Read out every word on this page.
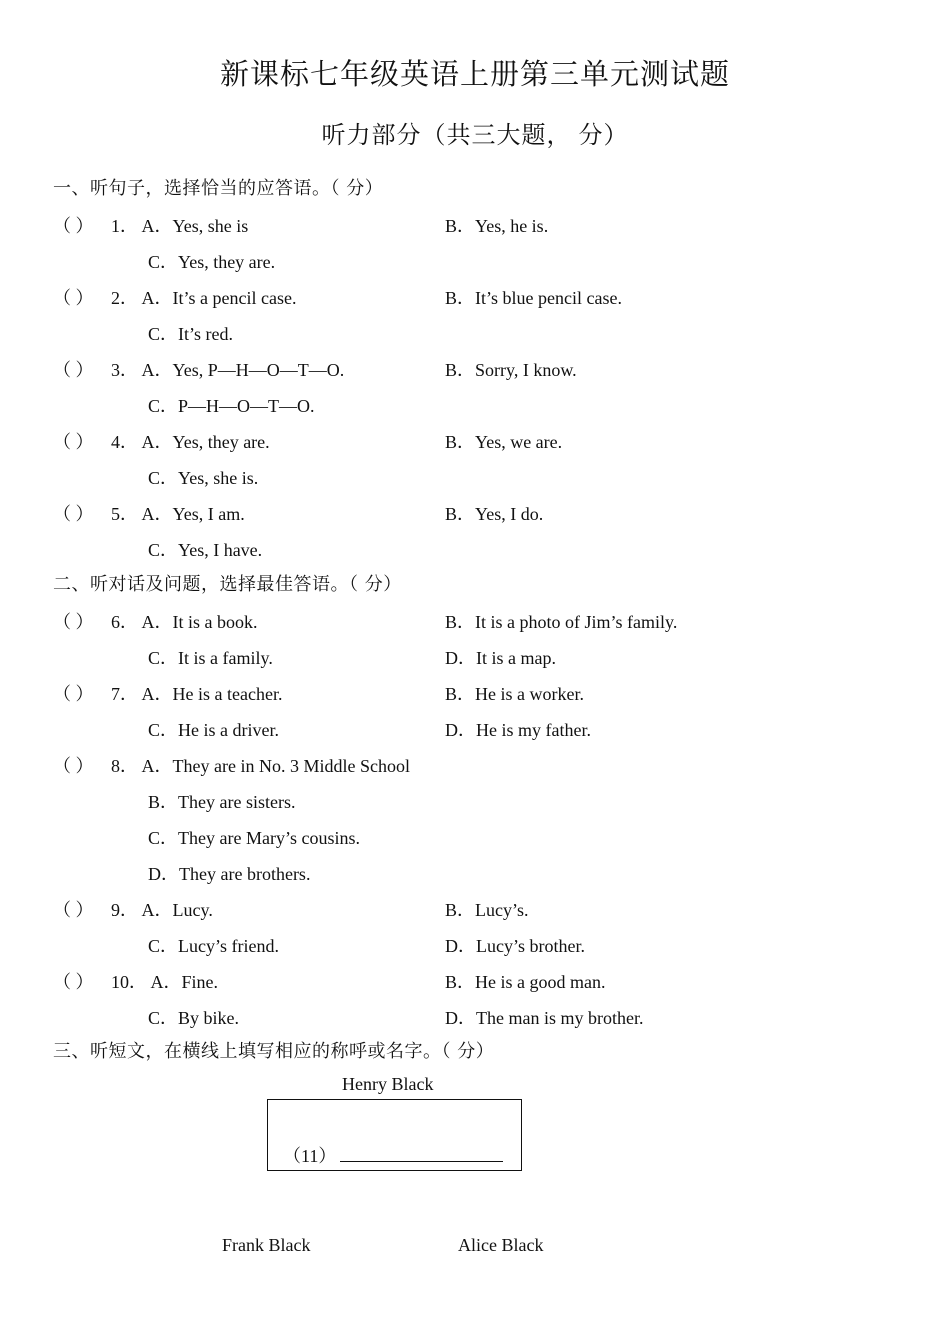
新课标七年级英语上册第三单元测试题
听力部分（共三大题， 分）
一、听句子，选择恰当的应答语。（ 分）
（ ） 1． A．Yes, she is	B．Yes, he is.
C．Yes, they are.
（ ） 2． A．It’s a pencil case.	B．It’s blue pencil case.
C．It’s red.
（ ） 3． A．Yes, P—H—O—T—O.	B．Sorry, I know.
C．P—H—O—T—O.
（ ） 4． A．Yes, they are.	B．Yes, we are.
C．Yes, she is.
（ ） 5． A．Yes, I am.	B．Yes, I do.
C．Yes, I have.
二、听对话及问题，选择最佳答语。（ 分）
（ ） 6． A．It is a book.	B．It is a photo of Jim’s family.
C．It is a family.	D．It is a map.
（ ） 7． A．He is a teacher.	B．He is a worker.
C．He is a driver.	D．He is my father.
（ ） 8． A．They are in No. 3 Middle School
B．They are sisters.
C．They are Mary’s cousins.
D．They are brothers.
（ ） 9． A．Lucy.	B．Lucy’s.
C．Lucy’s friend.	D．Lucy’s brother.
（ ） 10． A．Fine.	B．He is a good man.
C．By bike.	D．The man is my brother.
三、听短文，在横线上填写相应的称呼或名字。（ 分）
Henry Black
（11）
Frank Black	Alice Black
